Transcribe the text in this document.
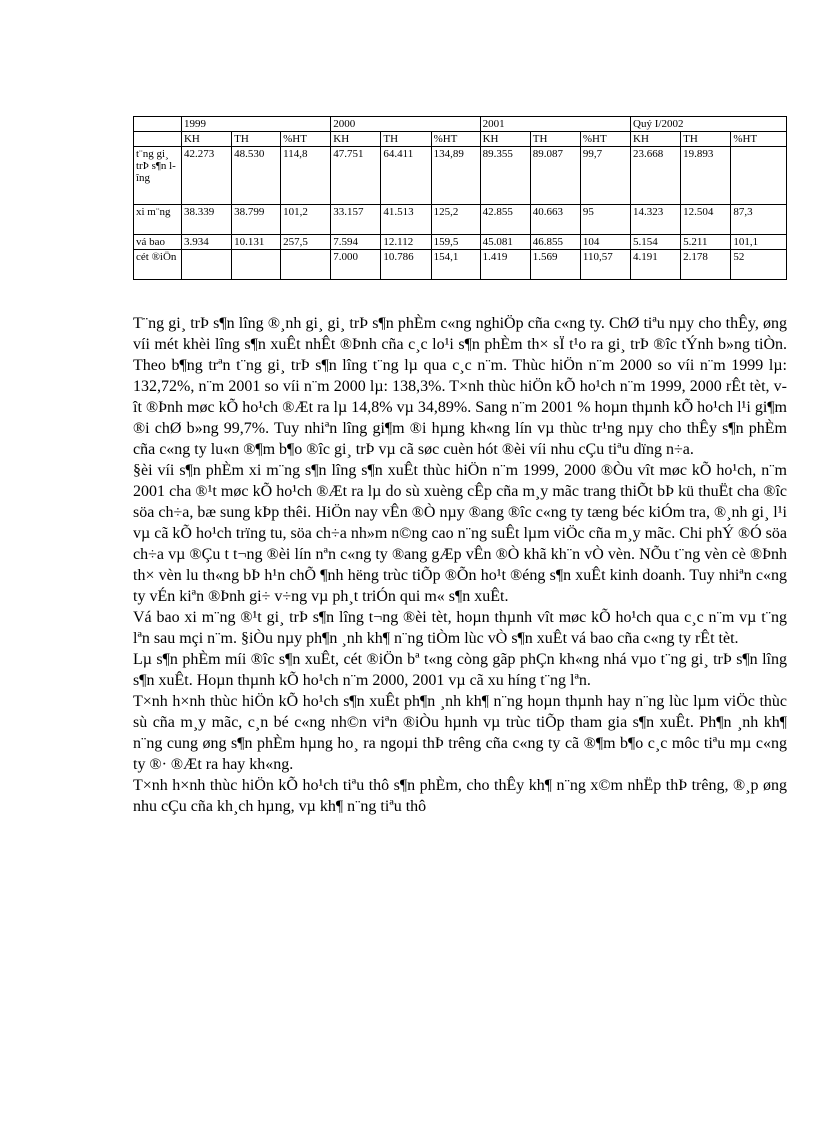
	1999			2000			2001			Quý I/2002		
	KH	TH	%HT	KH	TH	%HT	KH	TH	%HT	KH	TH	%HT
t¨ng gi¸ trÞ s¶n lîng	42.273	48.530	114,8	47.751	64.411	134,89	89.355	89.087	99,7	23.668	19.893	
xi m¨ng	38.339	38.799	101,2	33.157	41.513	125,2	42.855	40.663	95	14.323	12.504	87,3
vá bao	3.934	10.131	257,5	7.594	12.112	159,5	45.081	46.855	104	5.154	5.211	101,1
cét ®iÖn				7.000	10.786	154,1	1.419	1.569	110,57	4.191	2.178	52

T¨ng gi¸ trÞ s¶n lîng ®¸nh gi¸ gi¸ trÞ s¶n phÈm c«ng nghiÖp cña c«ng ty. ChØ tiªu nµy cho thÊy, øng víi mét khèi lîng s¶n xuÊt nhÊt ®Þnh cña c¸c lo¹i s¶n phÈm th× sÏ t¹o ra gi¸ trÞ ®îc tÝnh b»ng tiÒn. Theo b¶ng trªn t¨ng gi¸ trÞ s¶n lîng t¨ng lµ qua c¸c n¨m. Thùc hiÖn n¨m 2000 so víi n¨m 1999 lµ: 132,72%, n¨m 2001 so víi n¨m 2000 lµ: 138,3%. T×nh thùc hiÖn kÕ ho¹ch n¨m 1999, 2000 rÊt tèt, vît ®Þnh møc kÕ ho¹ch ®Æt ra lµ 14,8% vµ 34,89%. Sang n¨m 2001 % hoµn thµnh kÕ ho¹ch l¹i gi¶m ®i chØ b»ng 99,7%. Tuy nhiªn lîng gi¶m ®i hµng kh«ng lín vµ thùc tr¹ng nµy cho thÊy s¶n phÈm cña c«ng ty lu«n ®¶m b¶o ®îc gi¸ trÞ vµ cã søc cuèn hót ®èi víi nhu cÇu tiªu dïng n÷a.

§èi víi s¶n phÈm xi m¨ng s¶n lîng s¶n xuÊt thùc hiÖn n¨m 1999, 2000 ®Òu vît møc kÕ ho¹ch, n¨m 2001 cha ®¹t møc kÕ ho¹ch ®Æt ra lµ do sù xuèng cÊp cña m¸y mãc trang thiÕt bÞ kü thuËt cha ®îc söa ch÷a, bæ sung kÞp thêi. HiÖn nay vÊn ®Ò nµy ®ang ®îc c«ng ty tæng béc kiÓm tra, ®¸nh gi¸ l¹i vµ cã kÕ ho¹ch trïng tu, söa ch÷a nh»m n©ng cao n¨ng suÊt lµm viÖc cña m¸y mãc. Chi phÝ ®Ó söa ch÷a vµ ®Çu t t¬ng ®èi lín nªn c«ng ty ®ang gÆp vÊn ®Ò khã kh¨n vÒ vèn. NÕu t¨ng vèn cè ®Þnh th× vèn lu th«ng bÞ h¹n chÕ ¶nh hëng trùc tiÕp ®Õn ho¹t ®éng s¶n xuÊt kinh doanh. Tuy nhiªn c«ng ty vÉn kiªn ®Þnh gi÷ v÷ng vµ ph¸t triÓn qui m« s¶n xuÊt.

Vá bao xi m¨ng ®¹t gi¸ trÞ s¶n lîng t¬ng ®èi tèt, hoµn thµnh vît møc kÕ ho¹ch qua c¸c n¨m vµ t¨ng lªn sau mçi n¨m. §iÒu nµy ph¶n ¸nh kh¶ n¨ng tiÒm lùc vÒ s¶n xuÊt vá bao cña c«ng ty rÊt tèt.

Lµ s¶n phÈm míi ®îc s¶n xuÊt, cét ®iÖn bª t«ng còng gãp phÇn kh«ng nhá vµo t¨ng gi¸ trÞ s¶n lîng s¶n xuÊt. Hoµn thµnh kÕ ho¹ch n¨m 2000, 2001 vµ cã xu híng t¨ng lªn.

T×nh h×nh thùc hiÖn kÕ ho¹ch s¶n xuÊt ph¶n ¸nh kh¶ n¨ng hoµn thµnh hay n¨ng lùc lµm viÖc thùc sù cña m¸y mãc, c¸n bé c«ng nh©n viªn ®iÒu hµnh vµ trùc tiÕp tham gia s¶n xuÊt. Ph¶n ¸nh kh¶ n¨ng cung øng s¶n phÈm hµng ho¸ ra ngoµi thÞ trêng cña c«ng ty cã ®¶m b¶o c¸c môc tiªu mµ c«ng ty ®· ®Æt ra hay kh«ng.

T×nh h×nh thùc hiÖn kÕ ho¹ch tiªu thô s¶n phÈm, cho thÊy kh¶ n¨ng x©m nhËp thÞ trêng, ®¸p øng nhu cÇu cña kh¸ch hµng, vµ kh¶ n¨ng tiªu thô
